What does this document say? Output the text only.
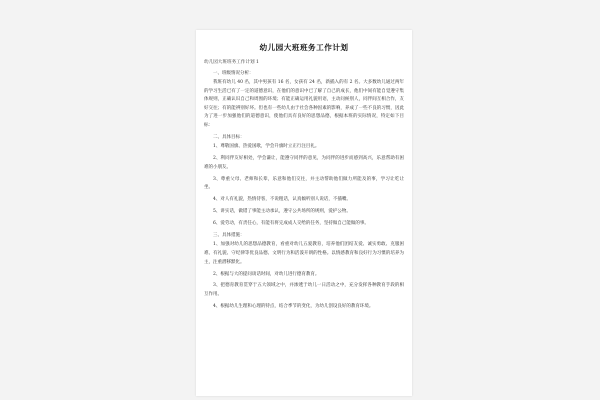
幼儿园大班班务工作计划
幼儿园大班班务工作计划 1

一、班级情况分析：

我班有幼儿 40 名，其中男孩有 16 名，女孩有 24 名，新插入的有 2 名。大多数幼儿通过两年的学习生活已有了一定的道德意识，在他们的意识中已了解了自己的成长，他们中间有能自觉遵守集体规则，正确认识自己和周围的环境；有能正确运用礼貌用语，主动问候别人，同伴间互相合作，友好交往；有的能辨别好坏。但也有一些幼儿由于社会各种因素的影响，养成了一些不良的习惯，因此为了进一步加强他们的道德意识，使他们具有良好的思想品德，根据本班的实际情况，特定如下目标：

二、具体目标：

1、尊敬国旗、热爱国歌，学会升旗时立正行注目礼。

2、利同伴友好相处，学会谦让，能遵守同伴的意见，为同伴的进步而感到高兴，乐意帮助有困难的小朋友。

3、尊重父母、老师和长辈，乐意和他们交往，并主动帮助他们做力所能及的事，学习让吃让坐。

4、对人有礼貌，热情待客，不说粗话，认真倾听别人说话，不插嘴。

5、讲实话，做错了事能主动承认，遵守公共场所的规则，爱护公物。

6、爱劳动，有责任心，有能有将完成成人交给的任务，坚持做自己能做的事。

三、具体措施：

1、加强对幼儿的思想品德教育，看重对幼儿五爱教育，培养他们团结友爱、诚实勇敢、克服困难、有礼貌、守纪律等优良品德、文明行为和活泼开朗的性格。以情感教育和良好行为习惯的培养为主，注重潜移默化。

2、根据与大的提问谈话时间，对幼儿进行德育教育。

3、把德育教育贯穿于五大领域之中，并渗透于幼儿一日活动之中，充分发挥各种教育手段的相互作用。

4、根据幼儿生理和心理的特点，结合季节的变化，为幼儿创设良好的教育环境。
